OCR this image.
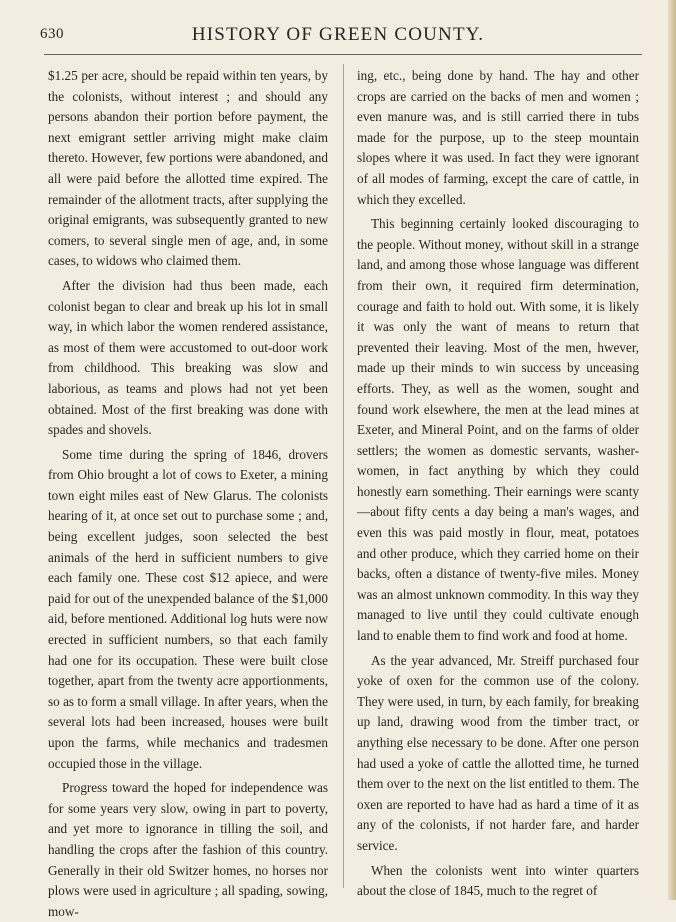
630	HISTORY OF GREEN COUNTY.

$1.25 per acre, should be repaid within ten years, by the colonists, without interest ; and should any persons abandon their portion before payment, the next emigrant settler arriving might make claim thereto. However, few portions were abandoned, and all were paid before the allotted time expired. The remainder of the allotment tracts, after supplying the original emigrants, was subsequently granted to new comers, to several single men of age, and, in some cases, to widows who claimed them.

After the division had thus been made, each colonist began to clear and break up his lot in small way, in which labor the women rendered assistance, as most of them were accustomed to out-door work from childhood. This breaking was slow and laborious, as teams and plows had not yet been obtained. Most of the first breaking was done with spades and shovels.

Some time during the spring of 1846, drovers from Ohio brought a lot of cows to Exeter, a mining town eight miles east of New Glarus. The colonists hearing of it, at once set out to purchase some ; and, being excellent judges, soon selected the best animals of the herd in sufficient numbers to give each family one. These cost $12 apiece, and were paid for out of the unexpended balance of the $1,000 aid, before mentioned. Additional log huts were now erected in sufficient numbers, so that each family had one for its occupation. These were built close together, apart from the twenty acre apportionments, so as to form a small village. In after years, when the several lots had been increased, houses were built upon the farms, while mechanics and tradesmen occupied those in the village.

Progress toward the hoped for independence was for some years very slow, owing in part to poverty, and yet more to ignorance in tilling the soil, and handling the crops after the fashion of this country. Generally in their old Switzer homes, no horses nor plows were used in agriculture ; all spading, sowing, mow-

ing, etc., being done by hand. The hay and other crops are carried on the backs of men and women ; even manure was, and is still carried there in tubs made for the purpose, up to the steep mountain slopes where it was used. In fact they were ignorant of all modes of farming, except the care of cattle, in which they excelled.

This beginning certainly looked discouraging to the people. Without money, without skill in a strange land, and among those whose language was different from their own, it required firm determination, courage and faith to hold out. With some, it is likely it was only the want of means to return that prevented their leaving. Most of the men, hwever, made up their minds to win success by unceasing efforts. They, as well as the women, sought and found work elsewhere, the men at the lead mines at Exeter, and Mineral Point, and on the farms of older settlers; the women as domestic servants, washer-women, in fact anything by which they could honestly earn something. Their earnings were scanty—about fifty cents a day being a man's wages, and even this was paid mostly in flour, meat, potatoes and other produce, which they carried home on their backs, often a distance of twenty-five miles. Money was an almost unknown commodity. In this way they managed to live until they could cultivate enough land to enable them to find work and food at home.

As the year advanced, Mr. Streiff purchased four yoke of oxen for the common use of the colony. They were used, in turn, by each family, for breaking up land, drawing wood from the timber tract, or anything else necessary to be done. After one person had used a yoke of cattle the allotted time, he turned them over to the next on the list entitled to them. The oxen are reported to have had as hard a time of it as any of the colonists, if not harder fare, and harder service.

When the colonists went into winter quarters about the close of 1845, much to the regret of
